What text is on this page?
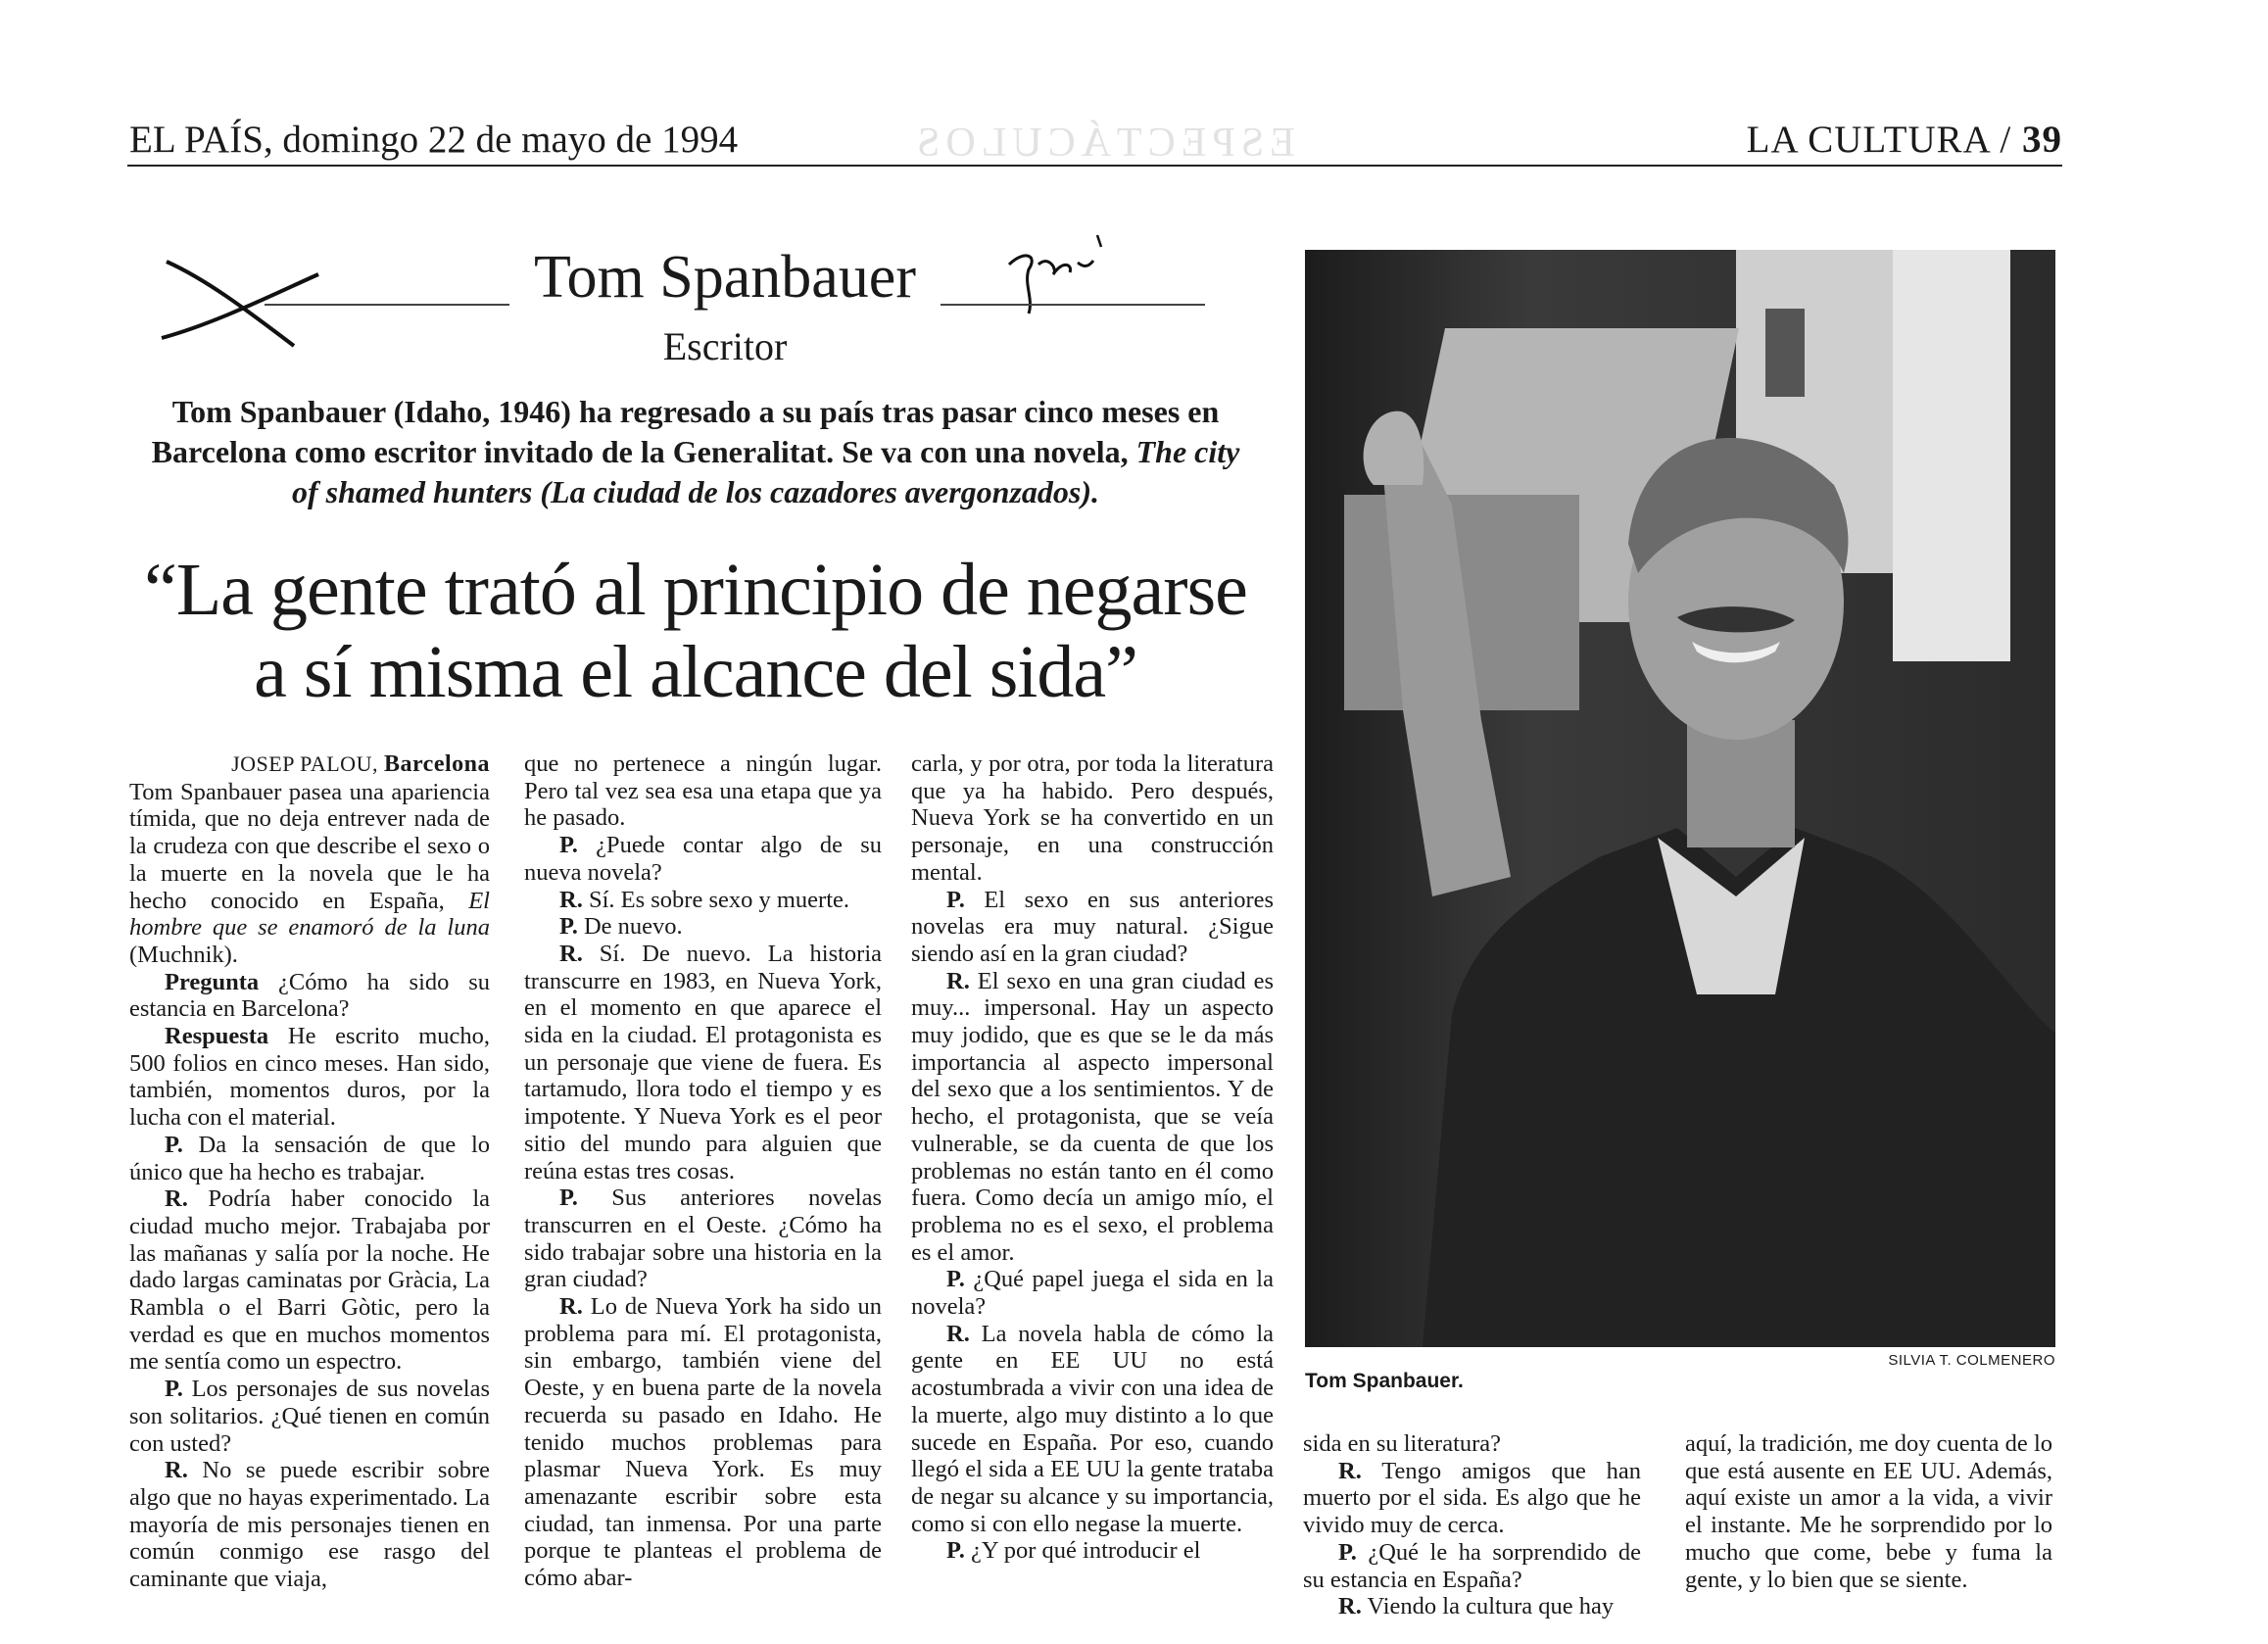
EL PAÍS, domingo 22 de mayo de 1994	ESPECTÁCULOS	LA CULTURA / 39
Tom Spanbauer
Escritor
Tom Spanbauer (Idaho, 1946) ha regresado a su país tras pasar cinco meses en Barcelona como escritor invitado de la Generalitat. Se va con una novela, The city of shamed hunters (La ciudad de los cazadores avergonzados).
“La gente trató al principio de negarse
a sí misma el alcance del sida”
JOSEP PALOU, Barcelona

Tom Spanbauer pasea una apariencia tímida, que no deja entrever nada de la crudeza con que describe el sexo o la muerte en la novela que le ha hecho conocido en España, El hombre que se enamoró de la luna (Muchnik).

Pregunta ¿Cómo ha sido su estancia en Barcelona?

Respuesta He escrito mucho, 500 folios en cinco meses. Han sido, también, momentos duros, por la lucha con el material.

P. Da la sensación de que lo único que ha hecho es trabajar.

R. Podría haber conocido la ciudad mucho mejor. Trabajaba por las mañanas y salía por la noche. He dado largas caminatas por Gràcia, La Rambla o el Barri Gòtic, pero la verdad es que en muchos momentos me sentía como un espectro.

P. Los personajes de sus novelas son solitarios. ¿Qué tienen en común con usted?

R. No se puede escribir sobre algo que no hayas experimentado. La mayoría de mis personajes tienen en común conmigo ese rasgo del caminante que viaja,

que no pertenece a ningún lugar. Pero tal vez sea esa una etapa que ya he pasado.

P. ¿Puede contar algo de su nueva novela?

R. Sí. Es sobre sexo y muerte.

P. De nuevo.

R. Sí. De nuevo. La historia transcurre en 1983, en Nueva York, en el momento en que aparece el sida en la ciudad. El protagonista es un personaje que viene de fuera. Es tartamudo, llora todo el tiempo y es impotente. Y Nueva York es el peor sitio del mundo para alguien que reúna estas tres cosas.

P. Sus anteriores novelas transcurren en el Oeste. ¿Cómo ha sido trabajar sobre una historia en la gran ciudad?

R. Lo de Nueva York ha sido un problema para mí. El protagonista, sin embargo, también viene del Oeste, y en buena parte de la novela recuerda su pasado en Idaho. He tenido muchos problemas para plasmar Nueva York. Es muy amenazante escribir sobre esta ciudad, tan inmensa. Por una parte porque te planteas el problema de cómo abar-

carla, y por otra, por toda la literatura que ya ha habido. Pero después, Nueva York se ha convertido en un personaje, en una construcción mental.

P. El sexo en sus anteriores novelas era muy natural. ¿Sigue siendo así en la gran ciudad?

R. El sexo en una gran ciudad es muy... impersonal. Hay un aspecto muy jodido, que es que se le da más importancia al aspecto impersonal del sexo que a los sentimientos. Y de hecho, el protagonista, que se veía vulnerable, se da cuenta de que los problemas no están tanto en él como fuera. Como decía un amigo mío, el problema no es el sexo, el problema es el amor.

P. ¿Qué papel juega el sida en la novela?

R. La novela habla de cómo la gente en EE UU no está acostumbrada a vivir con una idea de la muerte, algo muy distinto a lo que sucede en España. Por eso, cuando llegó el sida a EE UU la gente trataba de negar su alcance y su importancia, como si con ello negase la muerte.

P. ¿Y por qué introducir el

SILVIA T. COLMENERO
Tom Spanbauer.

sida en su literatura?

R. Tengo amigos que han muerto por el sida. Es algo que he vivido muy de cerca.

P. ¿Qué le ha sorprendido de su estancia en España?

R. Viendo la cultura que hay

aquí, la tradición, me doy cuenta de lo que está ausente en EE UU. Además, aquí existe un amor a la vida, a vivir el instante. Me he sorprendido por lo mucho que come, bebe y fuma la gente, y lo bien que se siente.
